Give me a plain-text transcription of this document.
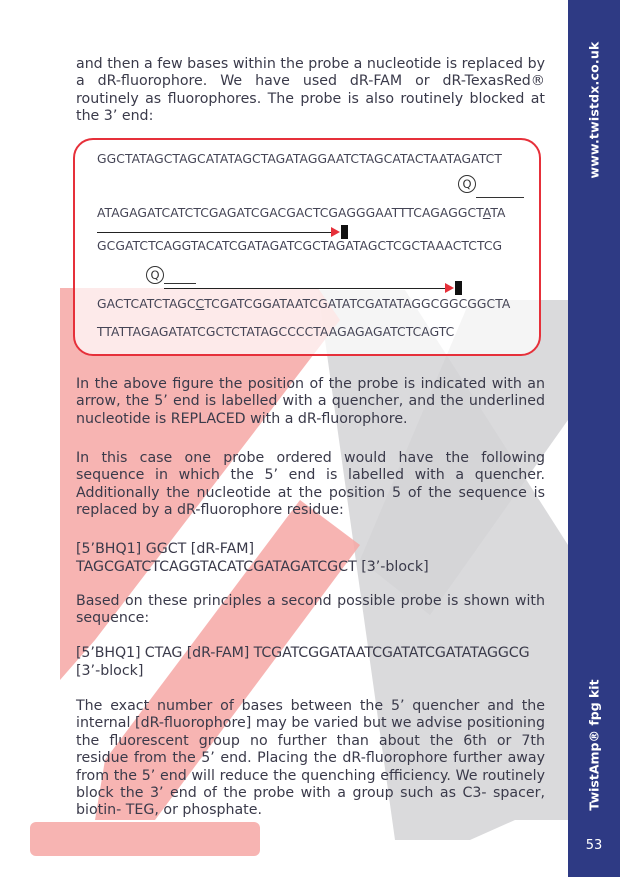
www.twistdx.co.uk
TwistAmp® fpg kit
53

and then a few bases within the probe a nucleotide is replaced by a dR-fluorophore. We have used dR-FAM or dR-TexasRed® routinely as fluorophores. The probe is also routinely blocked at the 3’ end:

GGCTATAGCTAGCATATAGCTAGATAGGAATCTAGCATACTAATAGATCT
Q
ATAGAGATCATCTCGAGATCGACGACTCGAGGGAATTTCAGAGGCTATA
GCGATCTCAGGTACATCGATAGATCGCTAGATAGCTCGCTAAACTCTCG
Q
GACTCATCTAGCCTCGATCGGATAATCGATATCGATATAGGCGGCGGCTA
TTATTAGAGATATCGCTCTATAGCCCCTAAGAGAGATCTCAGTC

In the above figure the position of the probe is indicated with an arrow, the 5’ end is labelled with a quencher, and the underlined nucleotide is REPLACED with a dR-fluorophore.

In this case one probe ordered would have the following sequence in which the 5’ end is labelled with a quencher. Additionally the nucleotide at the position 5 of the sequence is replaced by a dR-fluorophore residue:

[5’BHQ1] GGCT [dR-FAM]

TAGCGATCTCAGGTACATCGATAGATCGCT [3’-block]

Based on these principles a second possible probe is shown with sequence:

[5’BHQ1] CTAG [dR-FAM] TCGATCGGATAATCGATATCGATATAGGCG

[3’-block]

The exact number of bases between the 5’ quencher and the internal [dR-fluorophore] may be varied but we advise positioning the fluorescent group no further than about the 6th or 7th residue from the 5’ end. Placing the dR-fluorophore further away from the 5’ end will reduce the quenching efficiency. We routinely block the 3’ end of the probe with a group such as C3- spacer, biotin- TEG, or phosphate.
